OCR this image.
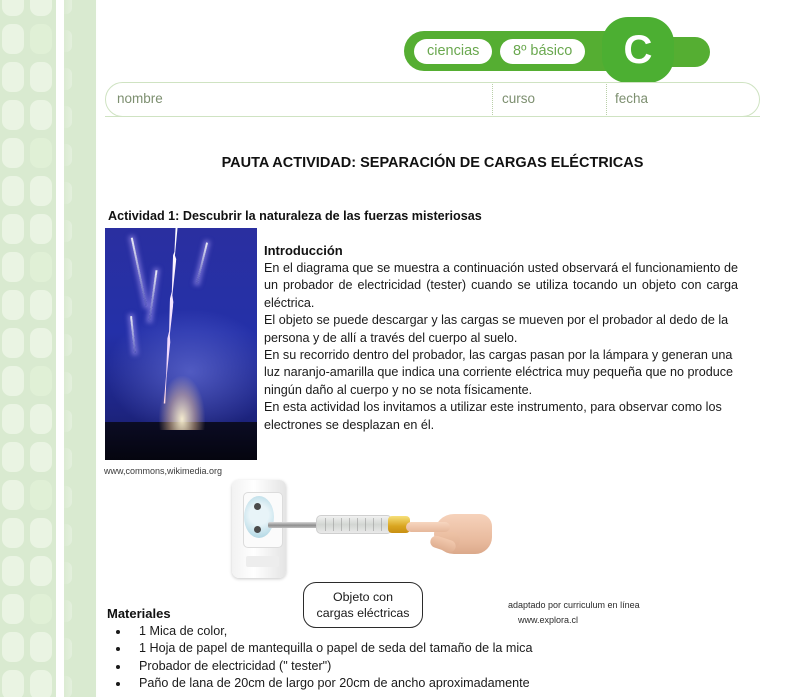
ciencias	8º básico	C
nombre	curso	fecha
PAUTA ACTIVIDAD: SEPARACIÓN DE CARGAS ELÉCTRICAS
Actividad 1: Descubrir la naturaleza de las fuerzas misteriosas
www,commons,wikimedia.org
Introducción

En el diagrama que se muestra a continuación usted observará el funcionamiento de un probador de electricidad (tester) cuando se utiliza tocando un objeto con carga eléctrica.

El objeto se puede descargar y las cargas se mueven por el probador al dedo de la persona y de allí a través del cuerpo al suelo.

En su recorrido dentro del probador, las cargas pasan por la lámpara y generan una luz naranjo-amarilla que indica una corriente eléctrica muy pequeña que no produce ningún daño al cuerpo y no se nota físicamente.

En esta actividad los invitamos a utilizar este instrumento, para observar como los electrones se desplazan en él.

Objeto con
cargas eléctricas
adaptado por curriculum en línea
www.explora.cl
Materiales
1 Mica de color,
1 Hoja de papel de mantequilla o papel de seda del tamaño de la mica
Probador de electricidad (" tester")
Paño de lana de 20cm de largo por 20cm de ancho aproximadamente
